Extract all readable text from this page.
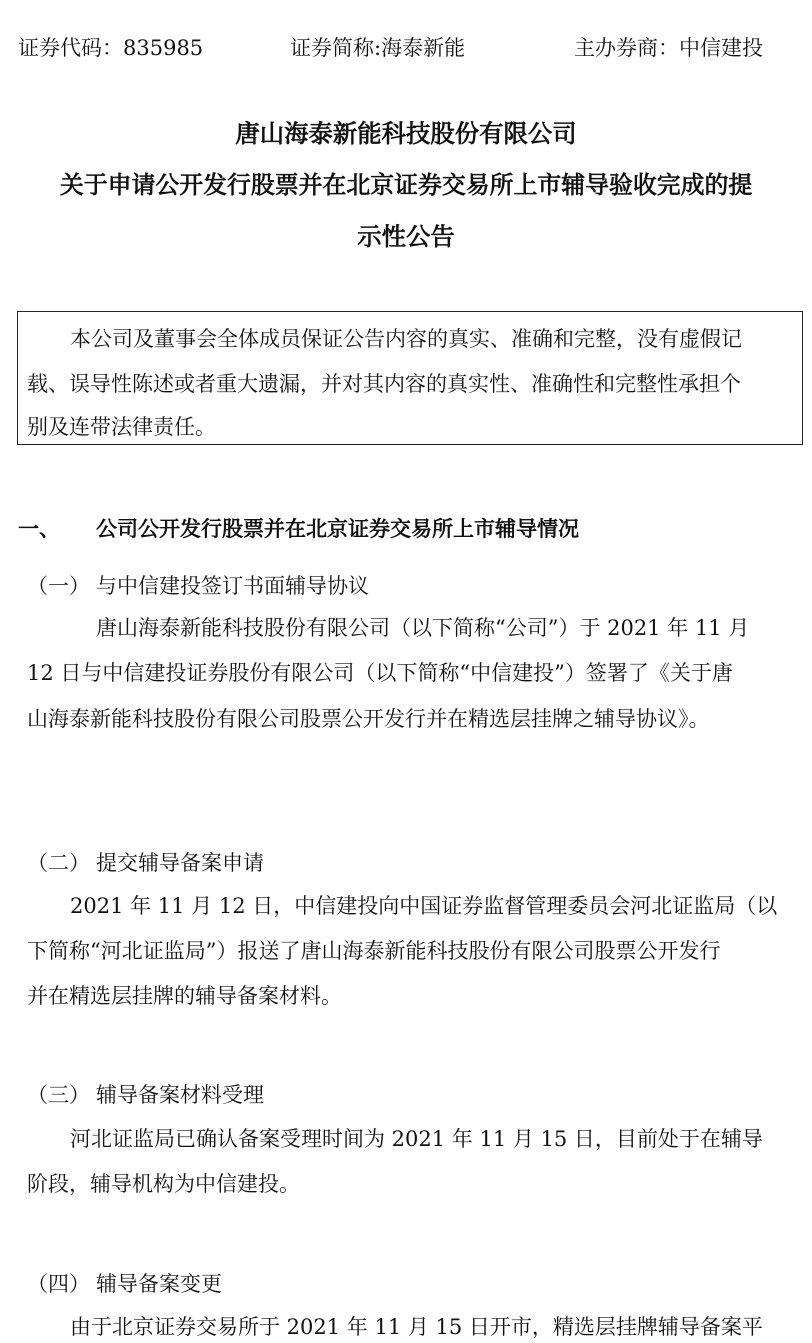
证券代码：835985	证券简称:海泰新能	主办券商：中信建投
唐山海泰新能科技股份有限公司
关于申请公开发行股票并在北京证券交易所上市辅导验收完成的提
示性公告
本公司及董事会全体成员保证公告内容的真实、准确和完整，没有虚假记
载、误导性陈述或者重大遗漏，并对其内容的真实性、准确性和完整性承担个
别及连带法律责任。
一、 公司公开发行股票并在北京证券交易所上市辅导情况
（一） 与中信建投签订书面辅导协议
唐山海泰新能科技股份有限公司（以下简称“公司”）于 2021 年 11 月
12 日与中信建投证券股份有限公司（以下简称“中信建投”）签署了《关于唐
山海泰新能科技股份有限公司股票公开发行并在精选层挂牌之辅导协议》。
（二） 提交辅导备案申请
2021 年 11 月 12 日，中信建投向中国证券监督管理委员会河北证监局（以
下简称“河北证监局”）报送了唐山海泰新能科技股份有限公司股票公开发行
并在精选层挂牌的辅导备案材料。
（三） 辅导备案材料受理
河北证监局已确认备案受理时间为 2021 年 11 月 15 日，目前处于在辅导
阶段，辅导机构为中信建投。
（四） 辅导备案变更
由于北京证券交易所于 2021 年 11 月 15 日开市，精选层挂牌辅导备案平
